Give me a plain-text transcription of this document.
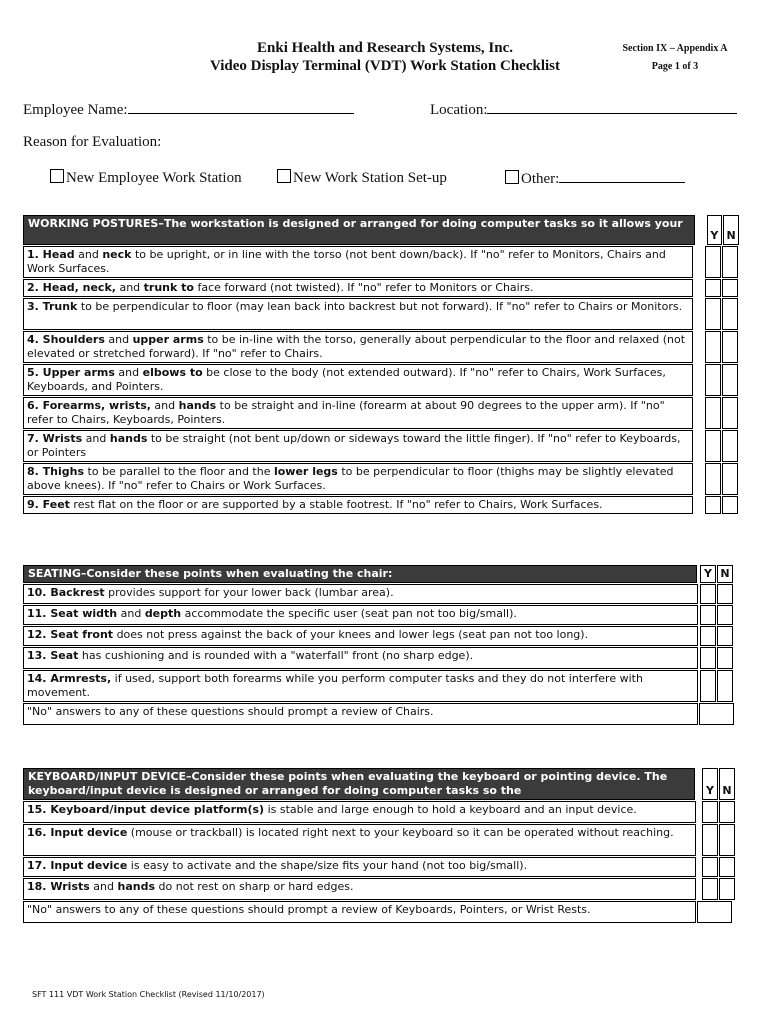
Enki Health and Research Systems, Inc.
Video Display Terminal (VDT) Work Station Checklist
Section IX – Appendix A
Page 1 of 3
Employee Name:	Location:
Reason for Evaluation:
New Employee Work Station	New Work Station Set-up	Other:
WORKING POSTURES–The workstation is designed or arranged for doing computer tasks so it allows your
Y N
1. Head and neck to be upright, or in line with the torso (not bent down/back). If "no" refer to Monitors, Chairs and Work Surfaces.
2. Head, neck, and trunk to face forward (not twisted). If "no" refer to Monitors or Chairs.
3. Trunk to be perpendicular to floor (may lean back into backrest but not forward). If "no" refer to Chairs or Monitors.
4. Shoulders and upper arms to be in-line with the torso, generally about perpendicular to the floor and relaxed (not elevated or stretched forward). If "no" refer to Chairs.
5. Upper arms and elbows to be close to the body (not extended outward). If "no" refer to Chairs, Work Surfaces, Keyboards, and Pointers.
6. Forearms, wrists, and hands to be straight and in-line (forearm at about 90 degrees to the upper arm). If "no" refer to Chairs, Keyboards, Pointers.
7. Wrists and hands to be straight (not bent up/down or sideways toward the little finger). If "no" refer to Keyboards, or Pointers
8. Thighs to be parallel to the floor and the lower legs to be perpendicular to floor (thighs may be slightly elevated above knees). If "no" refer to Chairs or Work Surfaces.
9. Feet rest flat on the floor or are supported by a stable footrest. If "no" refer to Chairs, Work Surfaces.
SEATING–Consider these points when evaluating the chair:	Y N
10. Backrest provides support for your lower back (lumbar area).
11. Seat width and depth accommodate the specific user (seat pan not too big/small).
12. Seat front does not press against the back of your knees and lower legs (seat pan not too long).
13. Seat has cushioning and is rounded with a "waterfall" front (no sharp edge).
14. Armrests, if used, support both forearms while you perform computer tasks and they do not interfere with movement.
"No" answers to any of these questions should prompt a review of Chairs.
KEYBOARD/INPUT DEVICE–Consider these points when evaluating the keyboard or pointing device. The keyboard/input device is designed or arranged for doing computer tasks so the	Y N
15. Keyboard/input device platform(s) is stable and large enough to hold a keyboard and an input device.
16. Input device (mouse or trackball) is located right next to your keyboard so it can be operated without reaching.
17. Input device is easy to activate and the shape/size fits your hand (not too big/small).
18. Wrists and hands do not rest on sharp or hard edges.
"No" answers to any of these questions should prompt a review of Keyboards, Pointers, or Wrist Rests.
SFT 111 VDT Work Station Checklist (Revised 11/10/2017)
